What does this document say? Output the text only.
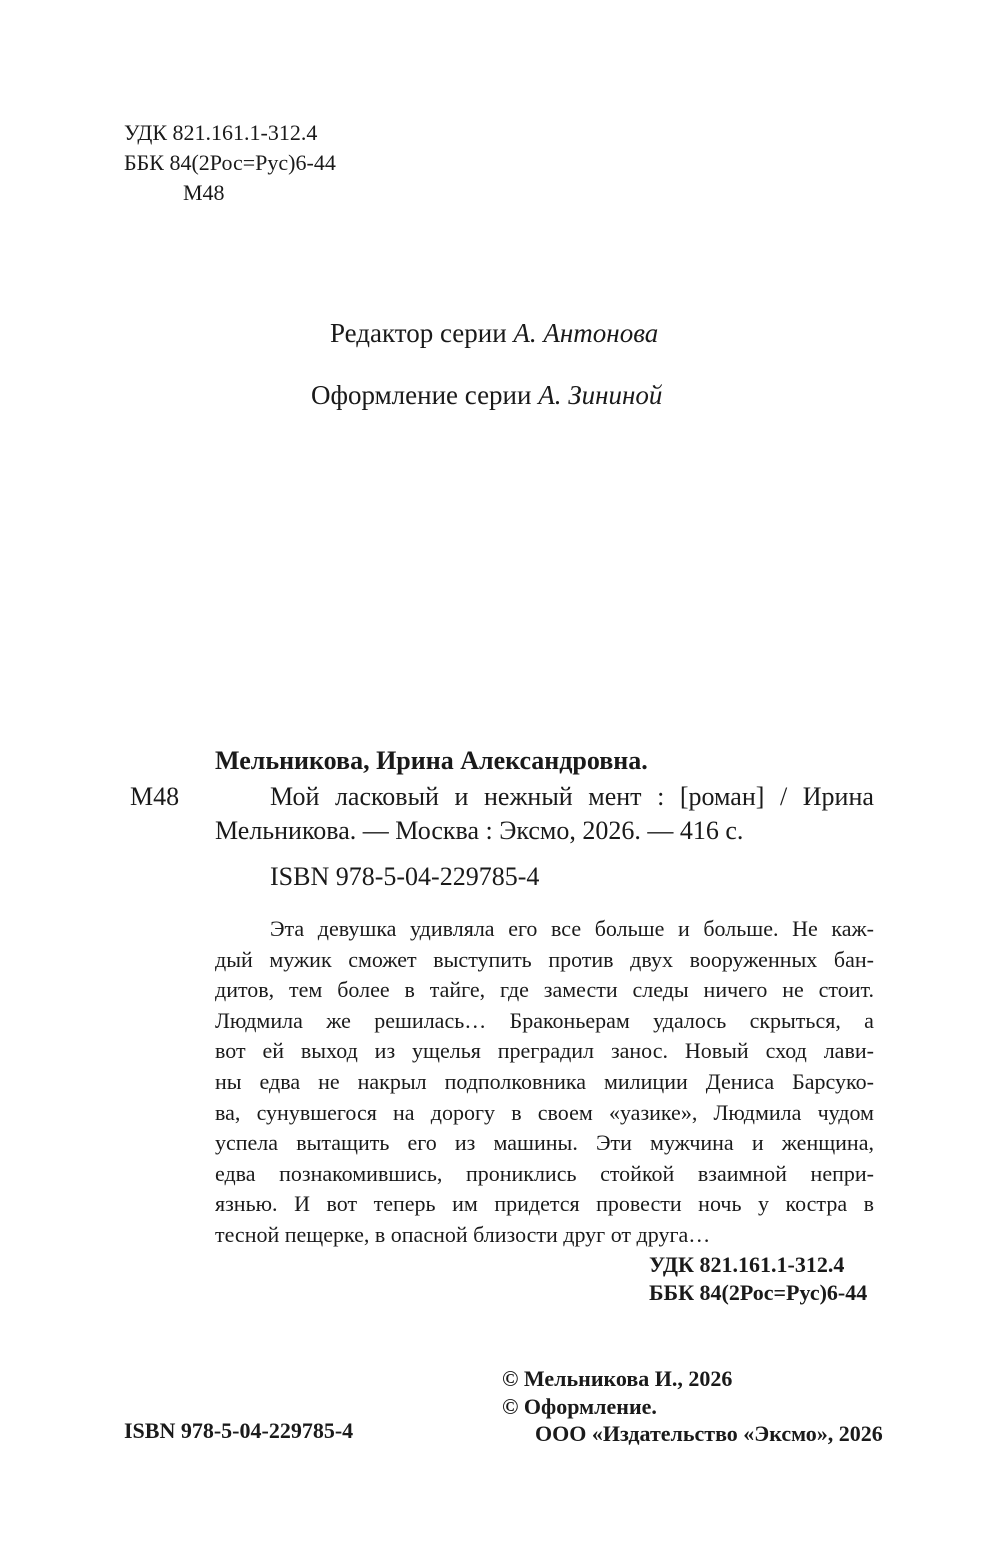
УДК 821.161.1-312.4
ББК 84(2Рос=Рус)6-44
М48
Редактор серии А. Антонова
Оформление серии А. Зининой
Мельникова, Ирина Александровна.
М48	Мой ласковый и нежный мент : [роман] / Ирина
Мельникова. — Москва : Эксмо, 2026. — 416 с.
ISBN 978-5-04-229785-4
Эта девушка удивляла его все больше и больше. Не каж-
дый мужик сможет выступить против двух вооруженных бан-
дитов, тем более в тайге, где замести следы ничего не стоит.
Людмила же решилась… Браконьерам удалось скрыться, а
вот ей выход из ущелья преградил занос. Новый сход лави-
ны едва не накрыл подполковника милиции Дениса Барсуко-
ва, сунувшегося на дорогу в своем «уазике», Людмила чудом
успела вытащить его из машины. Эти мужчина и женщина,
едва познакомившись, прониклись стойкой взаимной непри-
язнью. И вот теперь им придется провести ночь у костра в
тесной пещерке, в опасной близости друг от друга…
УДК 821.161.1-312.4
ББК 84(2Рос=Рус)6-44
© Мельникова И., 2026
© Оформление.
ООО «Издательство «Эксмо», 2026
ISBN 978-5-04-229785-4
